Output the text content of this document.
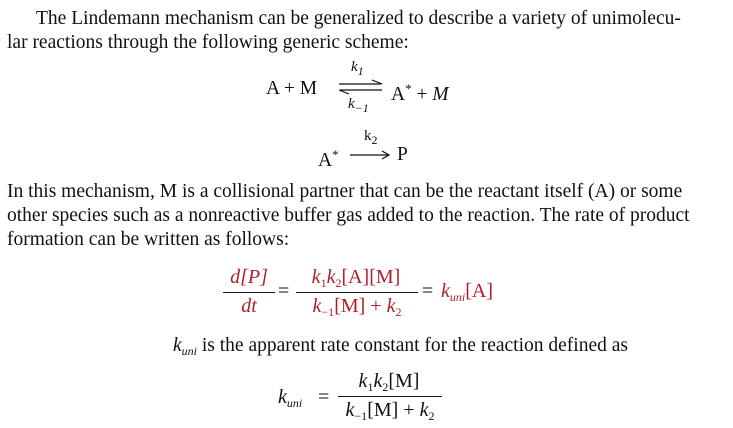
The Lindemann mechanism can be generalized to describe a variety of unimolecu-
lar reactions through the following generic scheme:
A + M
$k_1$
$k_{-1}$
A* + M
A*
$k_2$
P
In this mechanism, M is a collisional partner that can be the reactant itself (A) or some
other species such as a nonreactive buffer gas added to the reaction. The rate of product
formation can be written as follows:
d[P]
dt
=
$k_1k_2[A][M]$
$k_{-1}[M] + k_2$
= $k_{uni}[A]$
$k_{uni}$ is the apparent rate constant for the reaction defined as
$k_{uni}$ =
$k_1k_2[M]$
$k_{-1}[M] + k_2$
